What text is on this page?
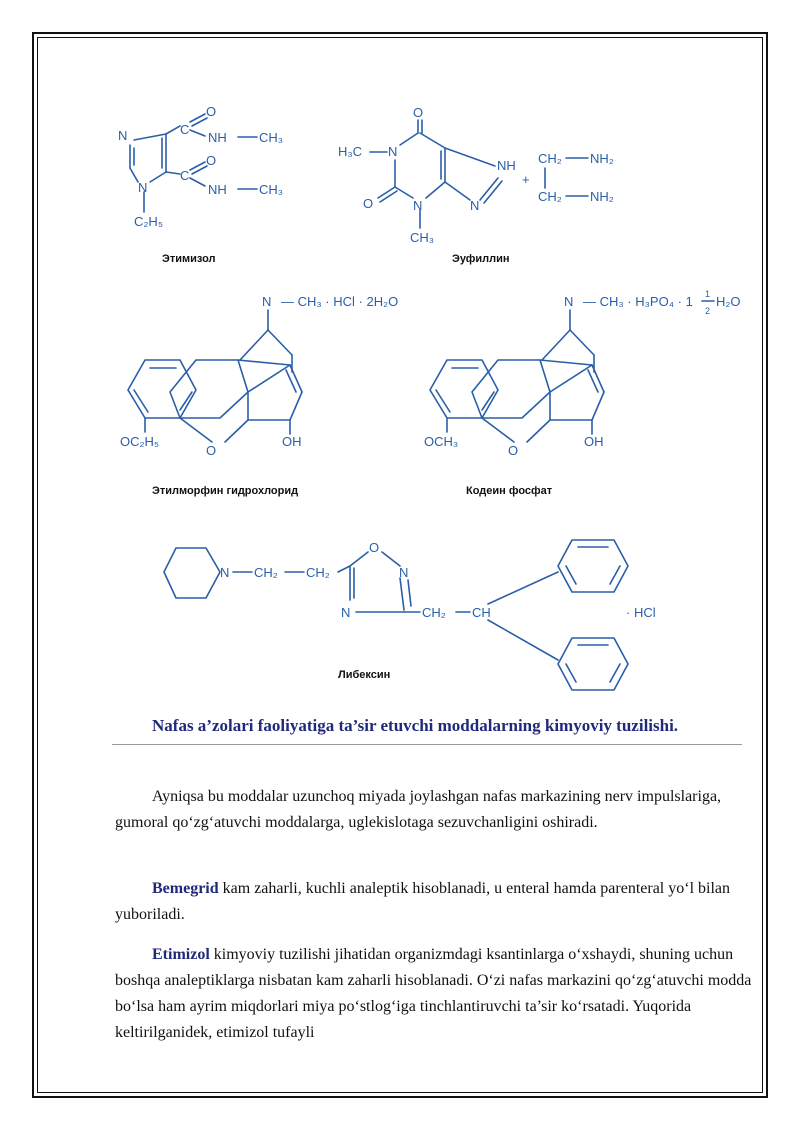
N
N
C
C
O
O
NH
NH
CH₃
CH₃
C₂H₅
Этимизол
O
O
N
N
NH
N
H₃C
CH₃
+
CH₂
CH₂
NH₂
NH₂
Эуфиллин
N — CH₃ · HCl · 2H₂O
OC₂H₅
O
OH
Этилморфин гидрохлорид
N — CH₃ · H₃PO₄ · 1 1
2
H₂O
OCH₃
O
OH
Кодеин фосфат
N CH₂ CH₂
O
N
N	CH₂ CH	· HCl
Либексин
Nafas a’zolari faoliyatiga ta’sir etuvchi moddalarning kimyoviy tuzilishi.

Ayniqsa bu moddalar uzunchoq miyada joylashgan nafas markazining nerv impulslariga, gumoral qo‘zg‘atuvchi moddalarga, uglekislotaga sezuvchanligini oshiradi.

Bemegrid kam zaharli, kuchli analeptik hisoblanadi, u enteral hamda parenteral yo‘l bilan yuboriladi.

Etimizol kimyoviy tuzilishi jihatidan organizmdagi ksantinlarga o‘xshaydi, shuning uchun boshqa analeptiklarga nisbatan kam zaharli hisoblanadi. O‘zi nafas markazini qo‘zg‘atuvchi modda bo‘lsa ham ayrim miqdorlari miya po‘stlog‘iga tinchlantiruvchi ta’sir ko‘rsatadi. Yuqorida keltirilganidek, etimizol tufayli
